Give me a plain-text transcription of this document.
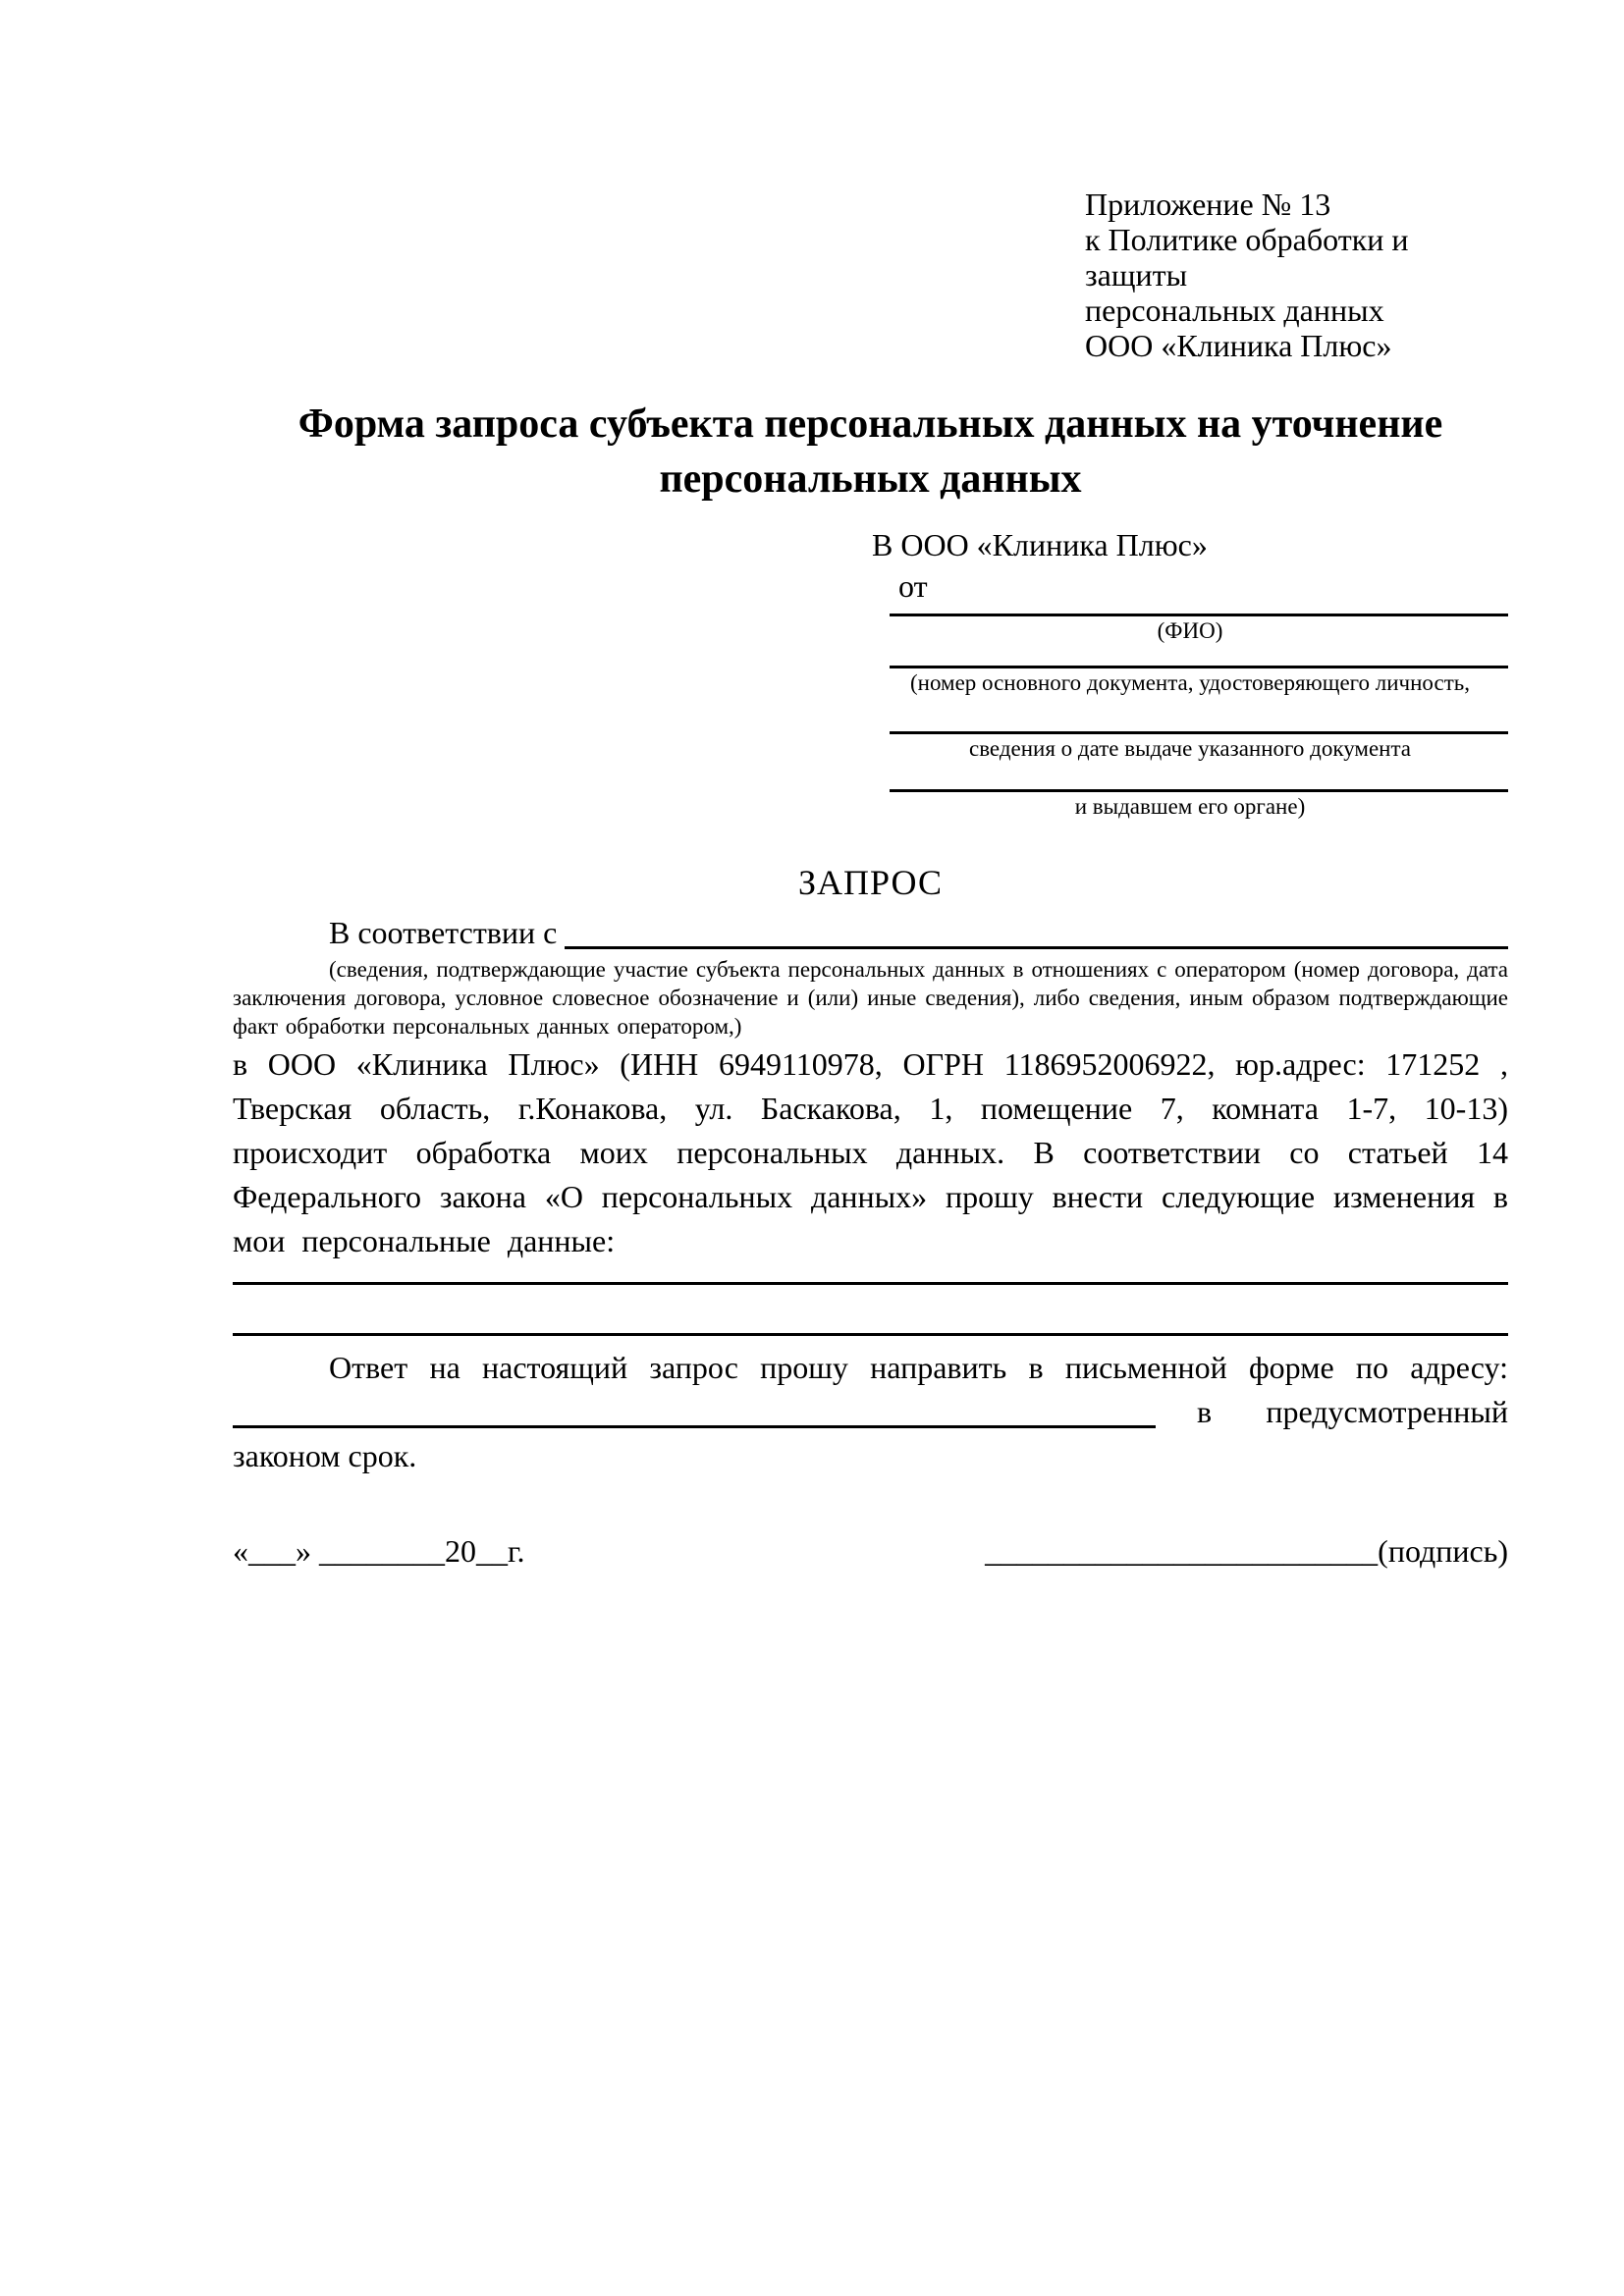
Приложение № 13
к Политике обработки и защиты
персональных данных
ООО «Клиника Плюс»
Форма запроса субъекта персональных данных на уточнение персональных данных
В ООО «Клиника Плюс»
от
(ФИО)
(номер основного документа, удостоверяющего личность,
сведения о дате выдаче указанного документа
и выдавшем его органе)
ЗАПРОС
В соответствии с
(сведения, подтверждающие участие субъекта персональных данных в отношениях с оператором (номер договора, дата заключения договора, условное словесное обозначение и (или) иные сведения), либо сведения, иным образом подтверждающие факт обработки персональных данных оператором,)
в ООО «Клиника Плюс» (ИНН 6949110978, ОГРН 1186952006922, юр.адрес: 171252 , Тверская область, г.Конакова, ул. Баскакова, 1, помещение 7, комната 1-7, 10-13) происходит обработка моих персональных данных. В соответствии со статьей 14 Федерального закона «О персональных данных» прошу внести следующие изменения в мои персональные данные:
Ответ на настоящий запрос прошу направить в письменной форме по адресу:
в предусмотренный
законом срок.
«___» ________20__г.	_________________________(подпись)
